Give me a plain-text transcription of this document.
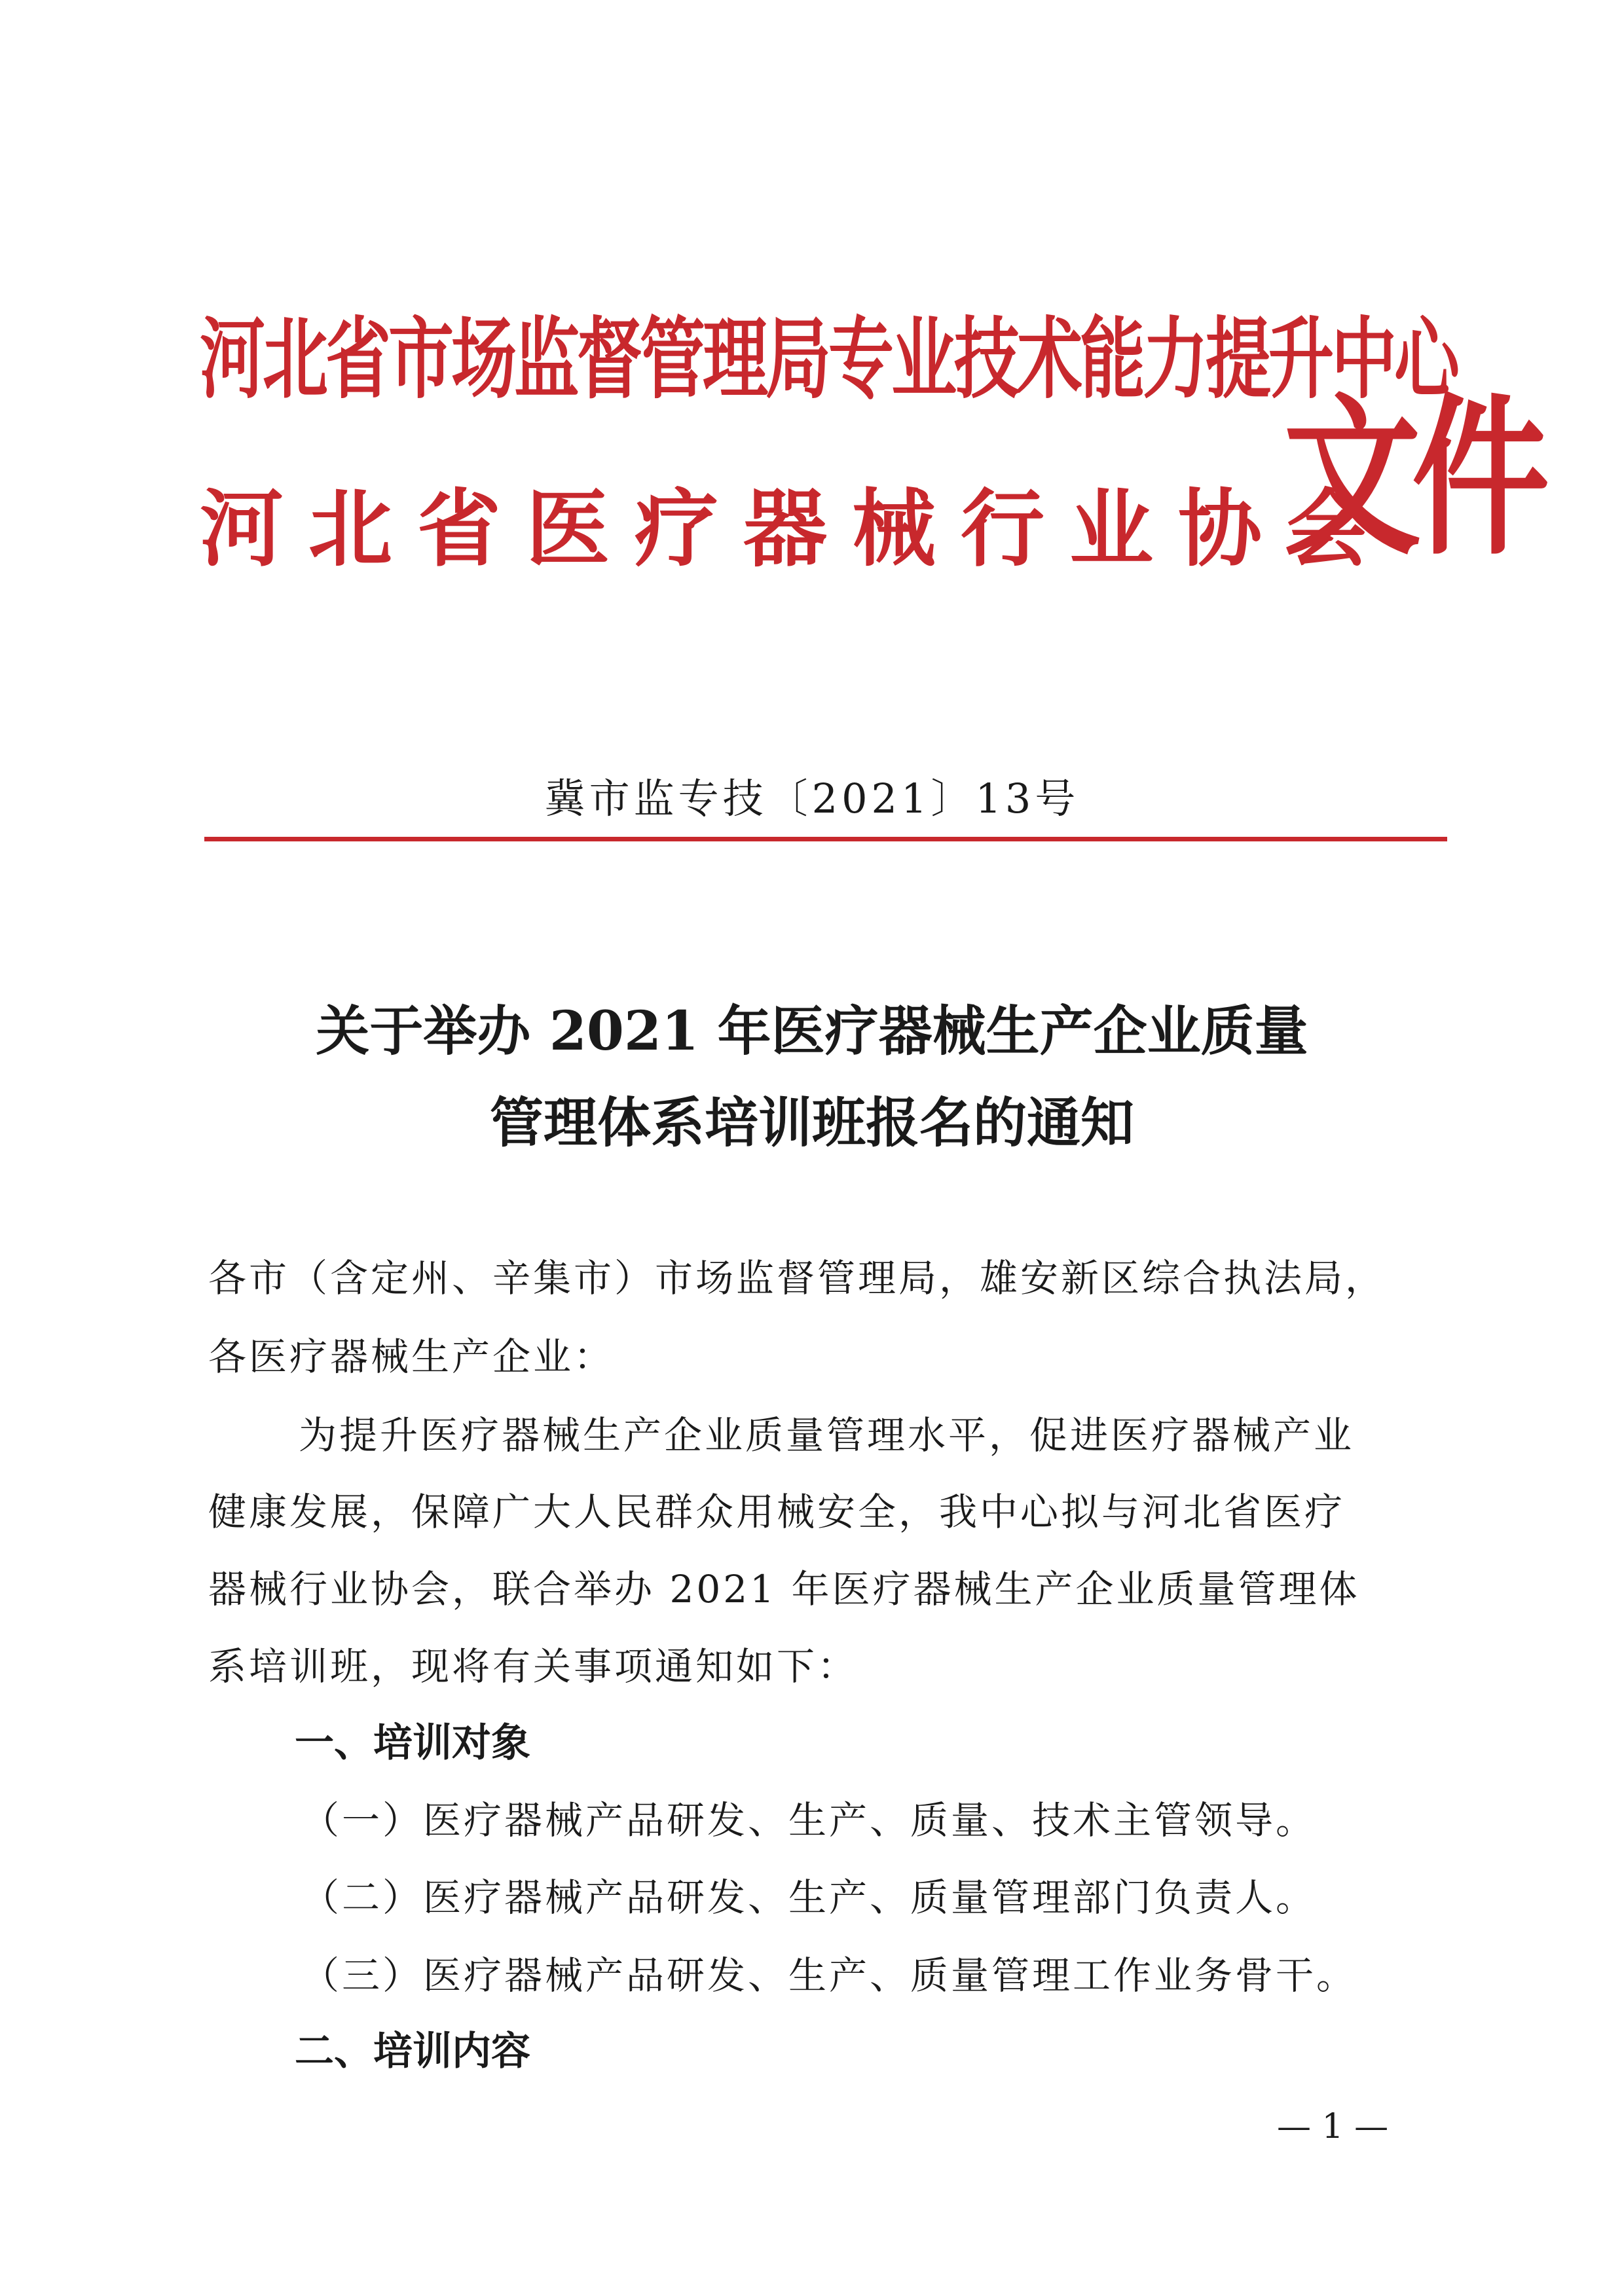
河北省市场监督管理局专业技术能力提升中心
河北省医疗器械行业协会
文件
冀市监专技〔2021〕13号
关于举办 2021 年医疗器械生产企业质量
管理体系培训班报名的通知
各市（含定州、辛集市）市场监督管理局，雄安新区综合执法局，
各医疗器械生产企业：
为提升医疗器械生产企业质量管理水平，促进医疗器械产业
健康发展，保障广大人民群众用械安全，我中心拟与河北省医疗
器械行业协会，联合举办 2021 年医疗器械生产企业质量管理体
系培训班，现将有关事项通知如下：
一、培训对象
（一）医疗器械产品研发、生产、质量、技术主管领导。
（二）医疗器械产品研发、生产、质量管理部门负责人。
（三）医疗器械产品研发、生产、质量管理工作业务骨干。
二、培训内容
— 1 —
